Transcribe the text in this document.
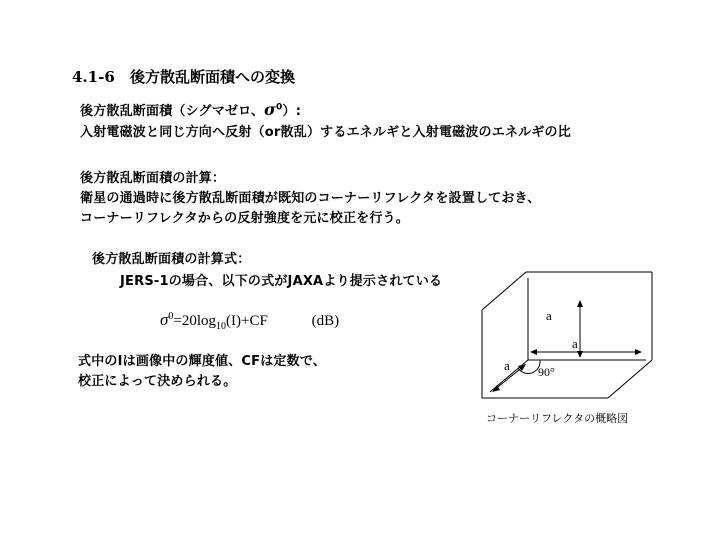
4.1-6 後方散乱断面積への変換
後方散乱断面積（シグマゼロ、$\sigma^0$）:
入射電磁波と同じ方向へ反射（or散乱）するエネルギと入射電磁波のエネルギの比
後方散乱断面積の計算：
衛星の通過時に後方散乱断面積が既知のコーナーリフレクタを設置しておき、
コーナーリフレクタからの反射強度を元に校正を行う。
後方散乱断面積の計算式：
JERS-1の場合、以下の式がJAXAより提示されている
$\sigma^0=20\log_{10}(I)+CF$	(dB)
式中のIは画像中の輝度値、CFは定数で、
校正によって決められる。
a
a
a 90°
コーナーリフレクタの概略図
